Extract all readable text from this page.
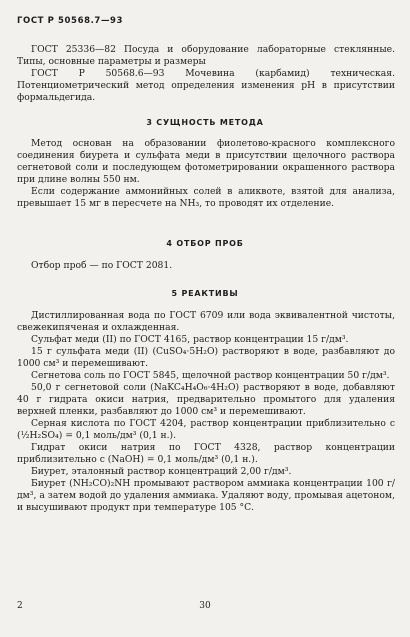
ГОСТ Р 50568.7—93

ГОСТ 25336—82 Посуда и оборудование лабораторные стеклянные. Типы, основные параметры и размеры

ГОСТ Р 50568.6—93 Мочевина (карбамид) техническая. Потенциометрический метод определения изменения pH в присутствии формальдегида.

3 СУЩНОСТЬ МЕТОДА

Метод основан на образовании фиолетово-красного комплексного соединения биурета и сульфата меди в присутствии щелочного раствора сегнетовой соли и последующем фотометрировании окрашенного раствора при длине волны 550 нм.

Если содержание аммонийных солей в аликвоте, взятой для анализа, превышает 15 мг в пересчете на NH₃, то проводят их отделение.

4 ОТБОР ПРОБ

Отбор проб — по ГОСТ 2081.

5 РЕАКТИВЫ

Дистиллированная вода по ГОСТ 6709 или вода эквивалентной чистоты, свежекипяченая и охлажденная.

Сульфат меди (II) по ГОСТ 4165, раствор концентрации 15 г/дм³.

15 г сульфата меди (II) (CuSO₄·5H₂O) растворяют в воде, разбавляют до 1000 см³ и перемешивают.

Сегнетова соль по ГОСТ 5845, щелочной раствор концентрации 50 г/дм³.

50,0 г сегнетовой соли (NaKC₄H₄O₆·4H₂O) растворяют в воде, добавляют 40 г гидрата окиси натрия, предварительно промытого для удаления верхней пленки, разбавляют до 1000 см³ и перемешивают.

Серная кислота по ГОСТ 4204, раствор концентрации приблизительно с (½H₂SO₄) = 0,1 моль/дм³ (0,1 н.).

Гидрат окиси натрия по ГОСТ 4328, раствор концентрации приблизительно с (NaOH) = 0,1 моль/дм³ (0,1 н.).

Биурет, эталонный раствор концентраций 2,00 г/дм³.

Биурет (NH₂CO)₂NH промывают раствором аммиака концентрации 100 г/дм³, а затем водой до удаления аммиака. Удаляют воду, промывая ацетоном, и высушивают продукт при температуре 105 °С.

2	30
